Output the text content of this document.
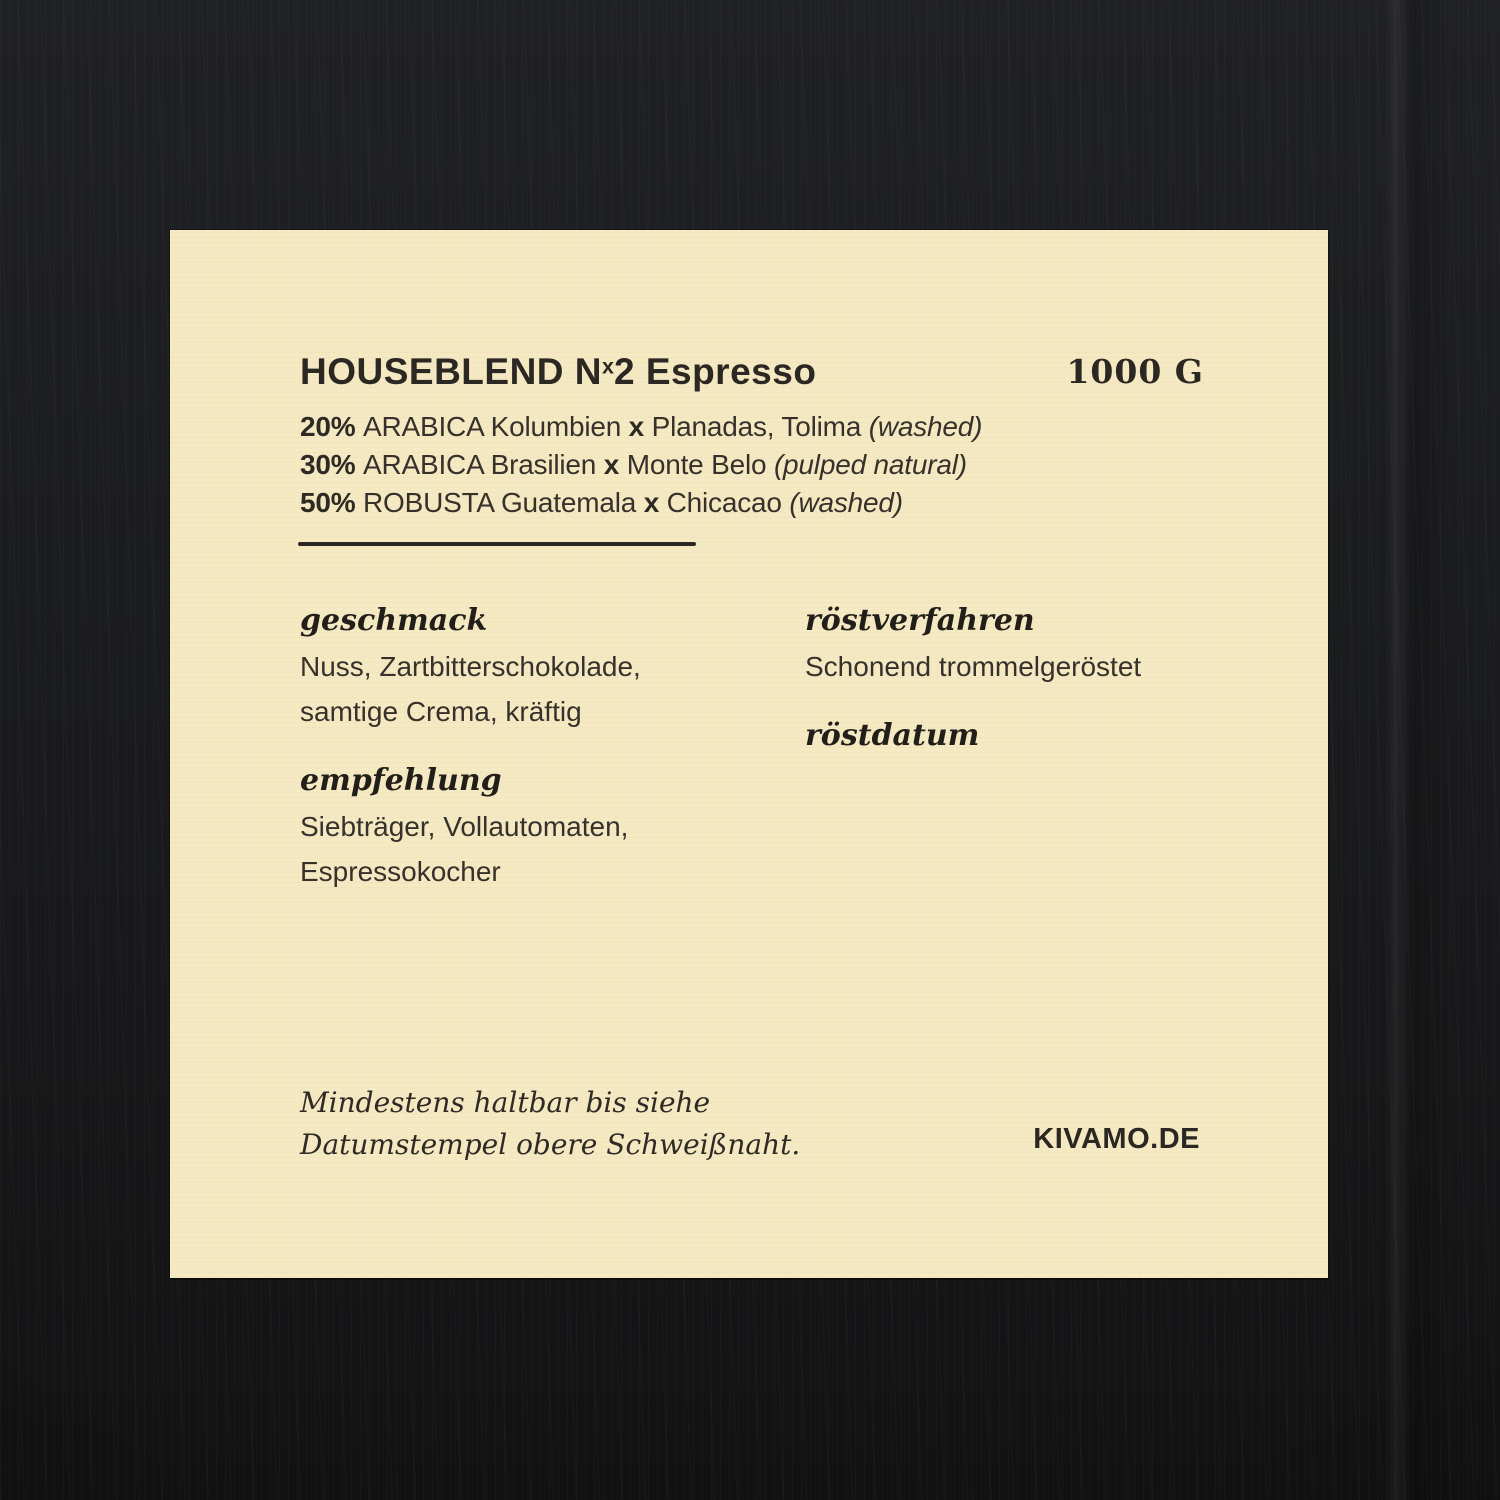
HOUSEBLEND $N^x2$ Espresso	1000 G
20% ARABICA Kolumbien x Planadas, Tolima (washed)
30% ARABICA Brasilien x Monte Belo (pulped natural)
50% ROBUSTA Guatemala x Chicacao (washed)

geschmack

Nuss, Zartbitterschokolade,

samtige Crema, kräftig

empfehlung

Siebträger, Vollautomaten,

Espressokocher

röstverfahren

Schonend trommelgeröstet

röstdatum

Mindestens haltbar bis siehe

Datumstempel obere Schweißnaht.	KIVAMO.DE
